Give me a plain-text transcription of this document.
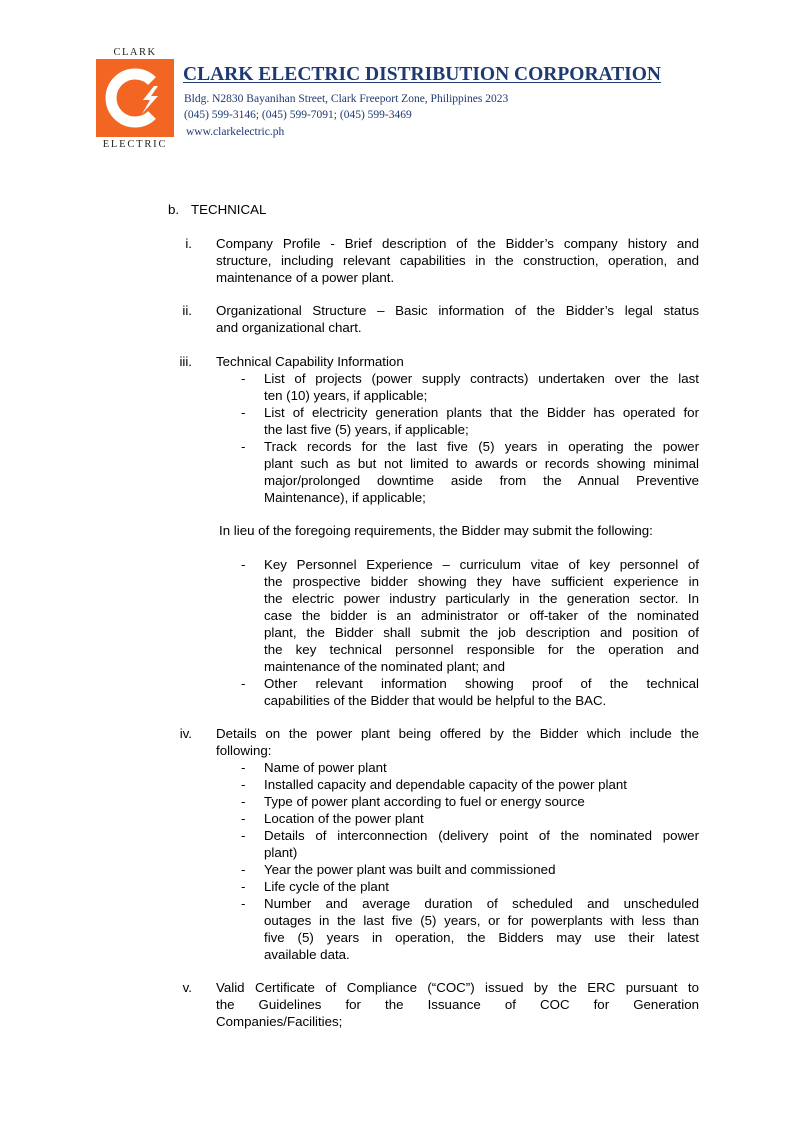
CLARK
ELECTRIC
CLARK ELECTRIC DISTRIBUTION CORPORATION
Bldg. N2830 Bayanihan Street, Clark Freeport Zone, Philippines 2023
(045) 599-3146; (045) 599-7091; (045) 599-3469
www.clarkelectric.ph
b. TECHNICAL
i. Company Profile - Brief description of the Bidder’s company history and
structure, including relevant capabilities in the construction, operation, and
maintenance of a power plant.
ii. Organizational Structure – Basic information of the Bidder’s legal status
and organizational chart.
iii. Technical Capability Information
- List of projects (power supply contracts) undertaken over the last
ten (10) years, if applicable;
- List of electricity generation plants that the Bidder has operated for
the last five (5) years, if applicable;
- Track records for the last five (5) years in operating the power
plant such as but not limited to awards or records showing minimal
major/prolonged downtime aside from the Annual Preventive
Maintenance), if applicable;
In lieu of the foregoing requirements, the Bidder may submit the following:
- Key Personnel Experience – curriculum vitae of key personnel of
the prospective bidder showing they have sufficient experience in
the electric power industry particularly in the generation sector. In
case the bidder is an administrator or off-taker of the nominated
plant, the Bidder shall submit the job description and position of
the key technical personnel responsible for the operation and
maintenance of the nominated plant; and
- Other relevant information showing proof of the technical
capabilities of the Bidder that would be helpful to the BAC.
iv. Details on the power plant being offered by the Bidder which include the
following:
- Name of power plant
- Installed capacity and dependable capacity of the power plant
- Type of power plant according to fuel or energy source
- Location of the power plant
- Details of interconnection (delivery point of the nominated power
plant)
- Year the power plant was built and commissioned
- Life cycle of the plant
- Number and average duration of scheduled and unscheduled
outages in the last five (5) years, or for powerplants with less than
five (5) years in operation, the Bidders may use their latest
available data.
v. Valid Certificate of Compliance (“COC”) issued by the ERC pursuant to
the Guidelines for the Issuance of COC for Generation
Companies/Facilities;
